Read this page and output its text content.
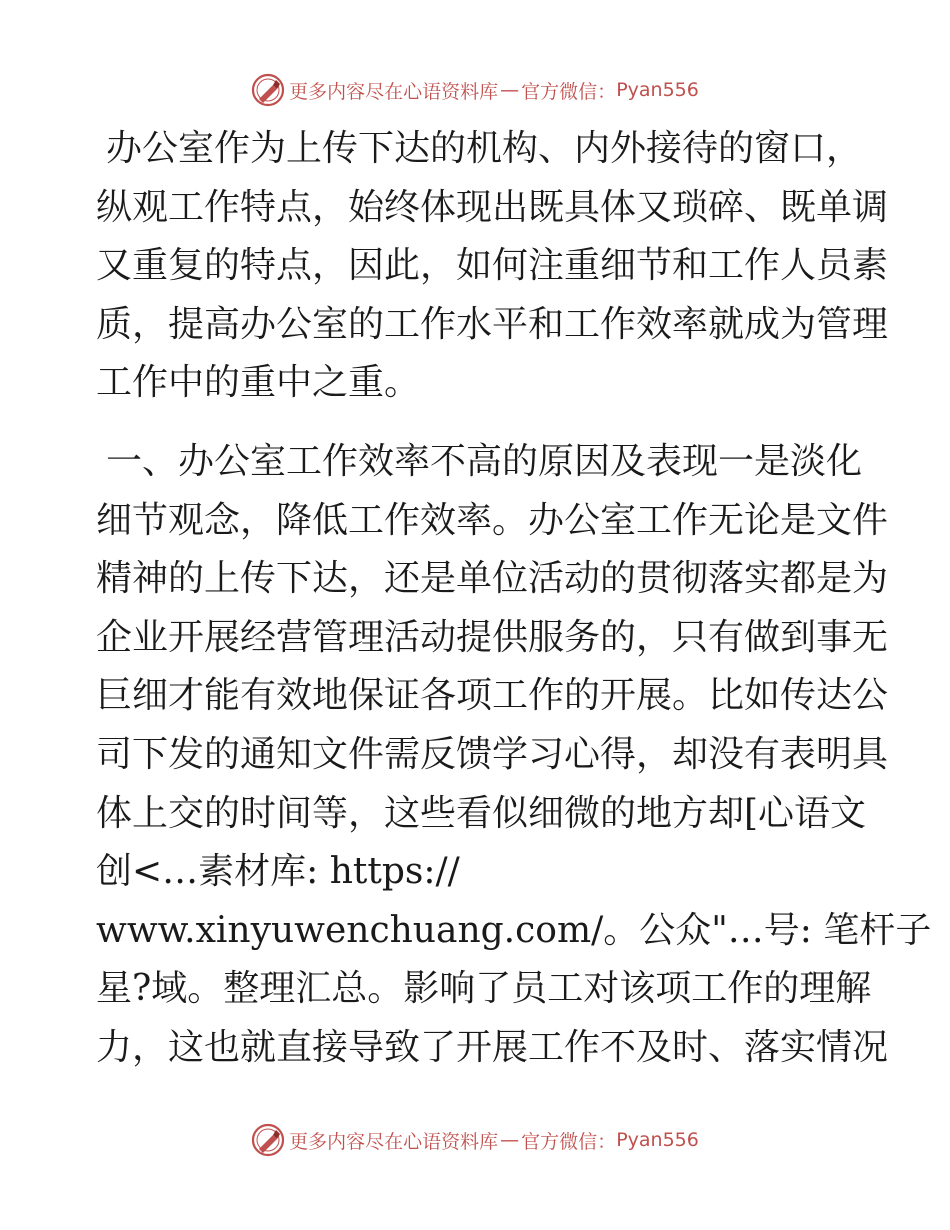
更多内容尽在心语资料库 — 官方微信： Pyan556
办公室作为上传下达的机构、内外接待的窗口，
纵观工作特点，始终体现出既具体又琐碎、既单调
又重复的特点，因此，如何注重细节和工作人员素
质，提高办公室的工作水平和工作效率就成为管理
工作中的重中之重。
一、办公室工作效率不高的原因及表现一是淡化
细节观念，降低工作效率。办公室工作无论是文件
精神的上传下达，还是单位活动的贯彻落实都是为
企业开展经营管理活动提供服务的，只有做到事无
巨细才能有效地保证各项工作的开展。比如传达公
司下发的通知文件需反馈学习心得，却没有表明具
体上交的时间等，这些看似细微的地方却[心语文
创<…素材库: https://
www.xinyuwenchuang.com/。公众"…号: 笔杆子
星?域。整理汇总。影响了员工对该项工作的理解
力，这也就直接导致了开展工作不及时、落实情况
更多内容尽在心语资料库 — 官方微信： Pyan556
